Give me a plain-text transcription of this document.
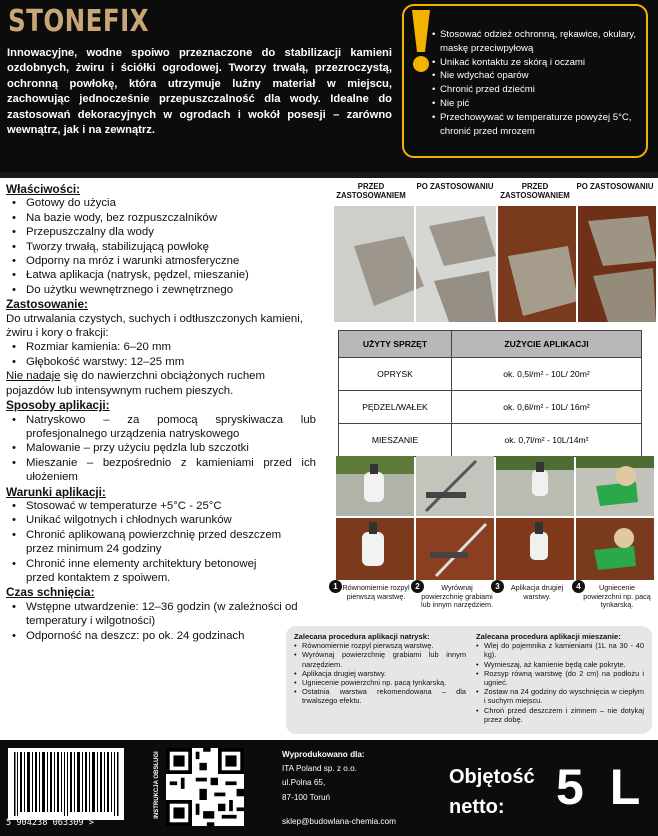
STONEFIX
Innowacyjne, wodne spoiwo przeznaczone do stabilizacji kamieni ozdobnych, żwiru i ściółki ogrodowej. Tworzy trwałą, przezroczystą, ochronną powłokę, która utrzymuje luźny materiał w miejscu, zachowując jednocześnie przepuszczalność dla wody. Idealne do zastosowań dekoracyjnych w ogrodach i wokół posesji – zarówno wewnątrz, jak i na zewnątrz.
• Stosować odzież ochronną, rękawice, okulary, maskę przeciwpyłową
• Unikać kontaktu ze skórą i oczami
• Nie wdychać oparów
• Chronić przed dziećmi
• Nie pić
• Przechowywać w temperaturze powyżej 5°C, chronić przed mrozem
Właściwości:
• Gotowy do użycia
• Na bazie wody, bez rozpuszczalników
• Przepuszczalny dla wody
• Tworzy trwałą, stabilizującą powłokę
• Odporny na mróz i warunki atmosferyczne
• Łatwa aplikacja (natrysk, pędzel, mieszanie)
• Do użytku wewnętrznego i zewnętrznego
Zastosowanie:
Do utrwalania czystych, suchych i odtłuszczonych kamieni, żwiru i kory o frakcji:
• Rozmiar kamienia: 6–20 mm
• Głębokość warstwy: 12–25 mm
Nie nadaje się do nawierzchni obciążonych ruchem pojazdów lub intensywnym ruchem pieszych.
Sposoby aplikacji:
• Natryskowo – za pomocą spryskiwacza lub profesjonalnego urządzenia natryskowego
• Malowanie – przy użyciu pędzla lub szczotki
• Mieszanie – bezpośrednio z kamieniami przed ich ułożeniem
Warunki aplikacji:
• Stosować w temperaturze +5°C - 25°C
• Unikać wilgotnych i chłodnych warunków
• Chronić aplikowaną powierzchnię przed deszczem przez minimum 24 godziny
• Chronić inne elementy architektury betonowej przed kontaktem z spoiwem.
Czas schnięcia:
• Wstępne utwardzenie: 12–36 godzin (w zależności od temperatury i wilgotności)
• Odporność na deszcz: po ok. 24 godzinach
PRZED ZASTOSOWANIEM
PO ZASTOSOWANIU	PRZED ZASTOSOWANIEM
PO ZASTOSOWANIU
UŻYTY SPRZĘT	ZUŻYCIE APLIKACJI
OPRYSK	ok. 0,5l/m² - 10L/ 20m²
PĘDZEL/WAŁEK	ok. 0,6l/m² - 10L/ 16m²
MIESZANIE	ok. 0,7l/m² - 10L/14m²
1 Równomiernie rozpyl pierwszą warstwę.
2	Wyrównaj powierzchnię grabiami lub innym narzędziem.
3	Aplikacja drugiej warstwy.
4	Ugniecenie powierzchni np. pacą tynkarską.
Zalecana procedura aplikacji natrysk:
• Równomiernie rozpyl pierwszą warstwę.
• Wyrównaj powierzchnię grabiami lub innym narzędziem.
• Aplikacja drugiej warstwy.
• Ugniecenie powierzchni np. pacą tynkarską.
• Ostatnia warstwa rekomendowana – dla trwalszego efektu.
Zalecana procedura aplikacji mieszanie:
• Wlej do pojemnika z kamieniami (1L na 30 - 40 kg).
• Wymieszaj, aż kamienie będą całe pokryte.
• Rozsyp równą warstwę (do 2 cm) na podłożu i ugnieć.
• Zostaw na 24 godziny do wyschnięcia w ciepłym i suchym miejscu.
• Chroń przed deszczem i zimnem – nie dotykaj przez dobę.
5 904238 063309 >
INSTRUKCJA OBSŁUGI	Wyprodukowano dla:
ITA Poland sp. z o.o.
ul.Polna 65,
87-100 Toruń
sklep@budowlana-chemia.com
Objętość
netto:	5 L
